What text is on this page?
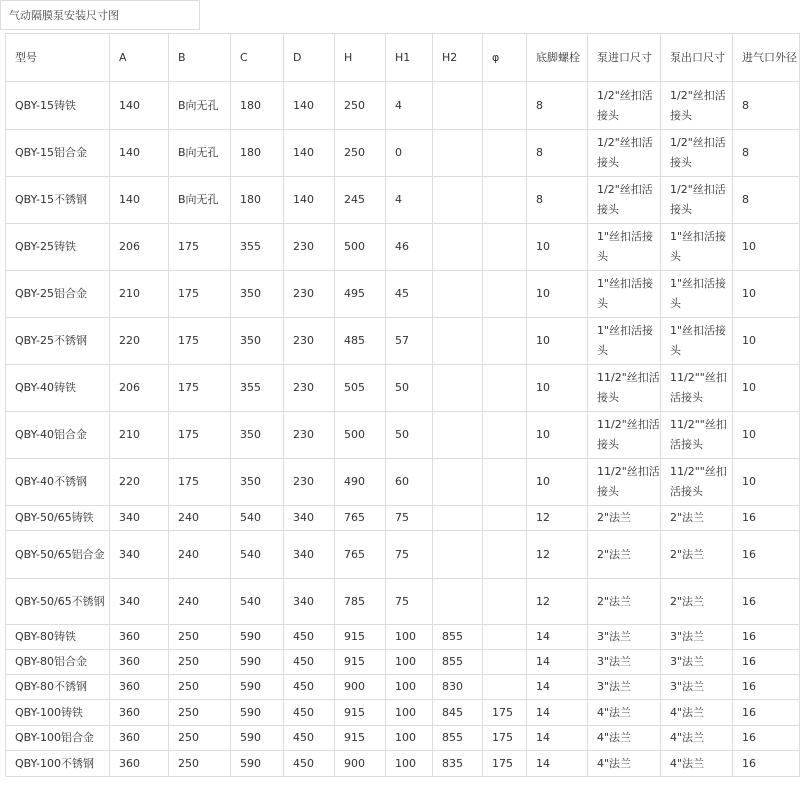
气动隔膜泵安装尺寸图
型号	A	B	C	D	H	H1	H2	φ	底脚螺栓	泵进口尺寸	泵出口尺寸	进气口外径
QBY-15铸铁	140	B向无孔	180	140	250	4			8	1/2"丝扣活接头	1/2"丝扣活接头	8
QBY-15铝合金	140	B向无孔	180	140	250	0			8	1/2"丝扣活接头	1/2"丝扣活接头	8
QBY-15不锈钢	140	B向无孔	180	140	245	4			8	1/2"丝扣活接头	1/2"丝扣活接头	8
QBY-25铸铁	206	175	355	230	500	46			10	1"丝扣活接头	1"丝扣活接头	10
QBY-25铝合金	210	175	350	230	495	45			10	1"丝扣活接头	1"丝扣活接头	10
QBY-25不锈钢	220	175	350	230	485	57			10	1"丝扣活接头	1"丝扣活接头	10
QBY-40铸铁	206	175	355	230	505	50			10	11/2"丝扣活接头	11/2""丝扣活接头	10
QBY-40铝合金	210	175	350	230	500	50			10	11/2"丝扣活接头	11/2""丝扣活接头	10
QBY-40不锈钢	220	175	350	230	490	60			10	11/2"丝扣活接头	11/2""丝扣活接头	10
QBY-50/65铸铁	340	240	540	340	765	75			12	2"法兰	2"法兰	16
QBY-50/65铝合金	340	240	540	340	765	75			12	2"法兰	2"法兰	16
QBY-50/65不锈钢	340	240	540	340	785	75			12	2"法兰	2"法兰	16
QBY-80铸铁	360	250	590	450	915	100	855		14	3"法兰	3"法兰	16
QBY-80铝合金	360	250	590	450	915	100	855		14	3"法兰	3"法兰	16
QBY-80不锈钢	360	250	590	450	900	100	830		14	3"法兰	3"法兰	16
QBY-100铸铁	360	250	590	450	915	100	845	175	14	4"法兰	4"法兰	16
QBY-100铝合金	360	250	590	450	915	100	855	175	14	4"法兰	4"法兰	16
QBY-100不锈钢	360	250	590	450	900	100	835	175	14	4"法兰	4"法兰	16
